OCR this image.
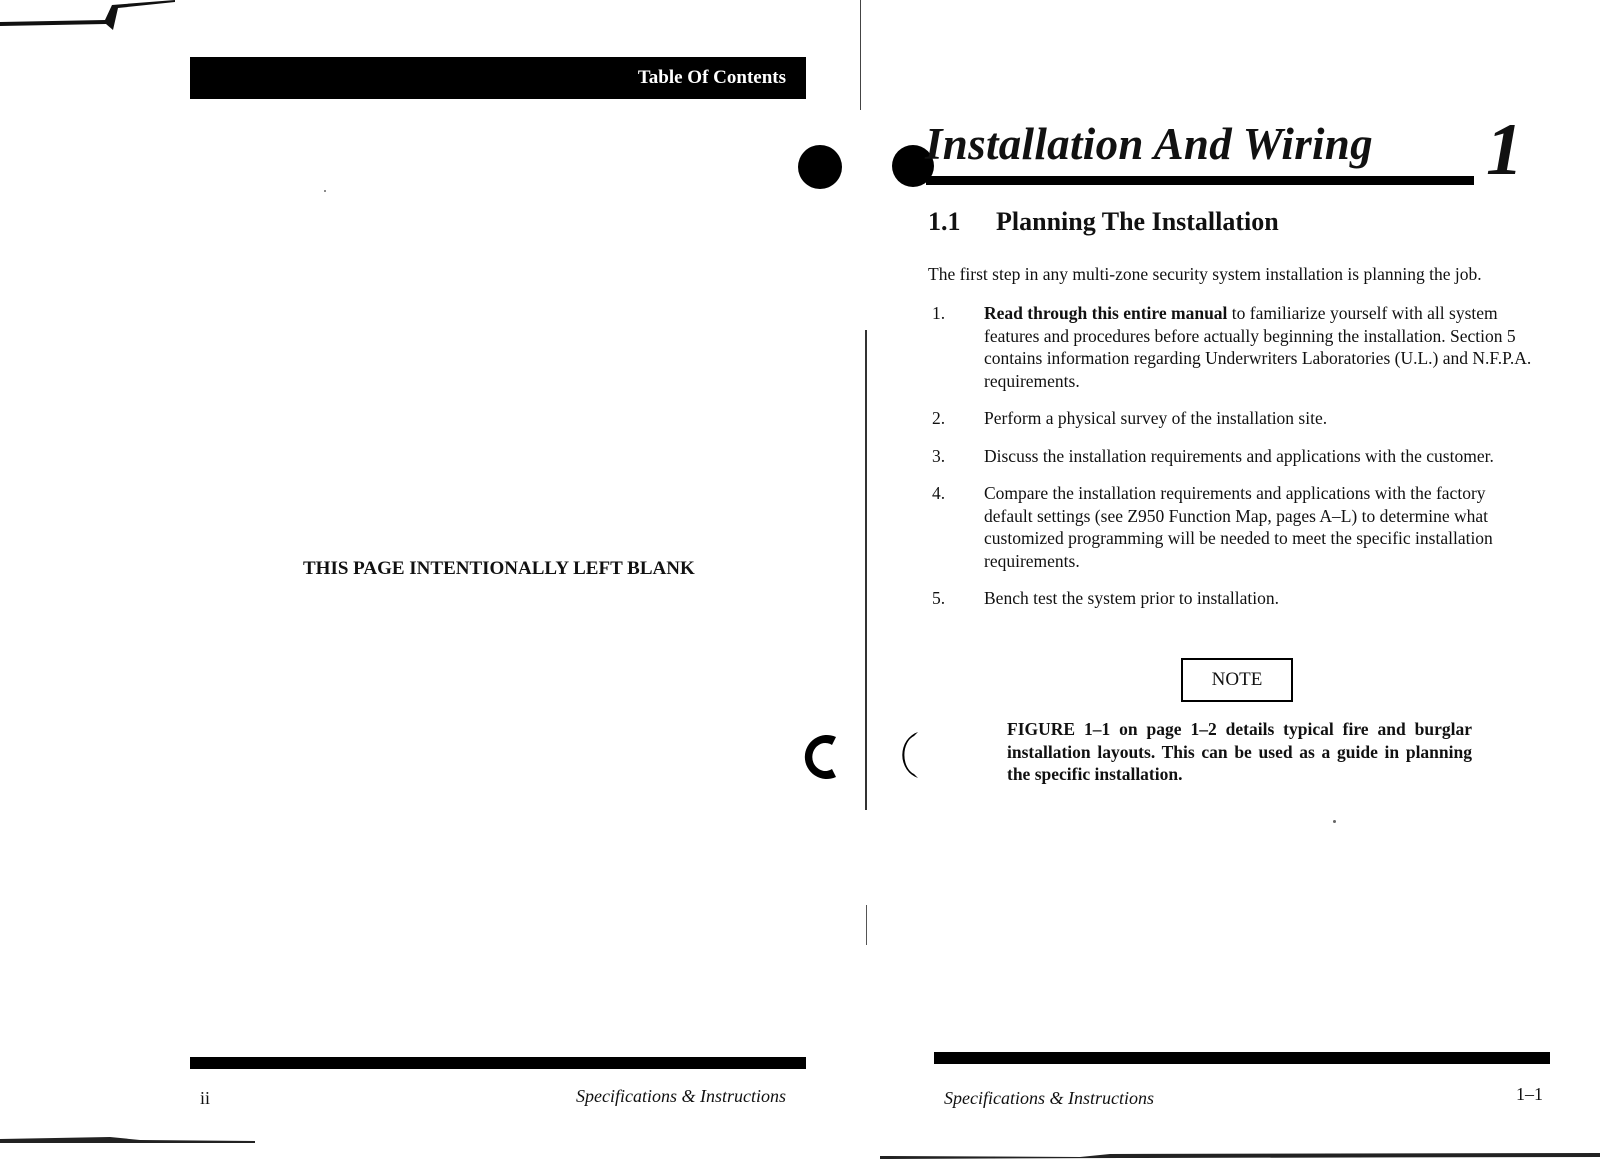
Table Of Contents
THIS PAGE INTENTIONALLY LEFT BLANK
ii	Specifications & Instructions
Installation And Wiring 1
1.1 Planning The Installation
The first step in any multi-zone security system installation is planning the job.
1.	Read through this entire manual to familiarize yourself with all system features and procedures before actually beginning the installation. Section 5 contains information regarding Underwriters Laboratories (U.L.) and N.F.P.A. requirements.
2.	Perform a physical survey of the installation site.
3.	Discuss the installation requirements and applications with the customer.
4.	Compare the installation requirements and applications with the factory default settings (see Z950 Function Map, pages A–L) to determine what customized programming will be needed to meet the specific installation requirements.
5.	Bench test the system prior to installation.
NOTE
FIGURE 1–1 on page 1–2 details typical fire and burglar installation layouts. This can be used as a guide in planning the specific installation.
Specifications & Instructions	1–1
